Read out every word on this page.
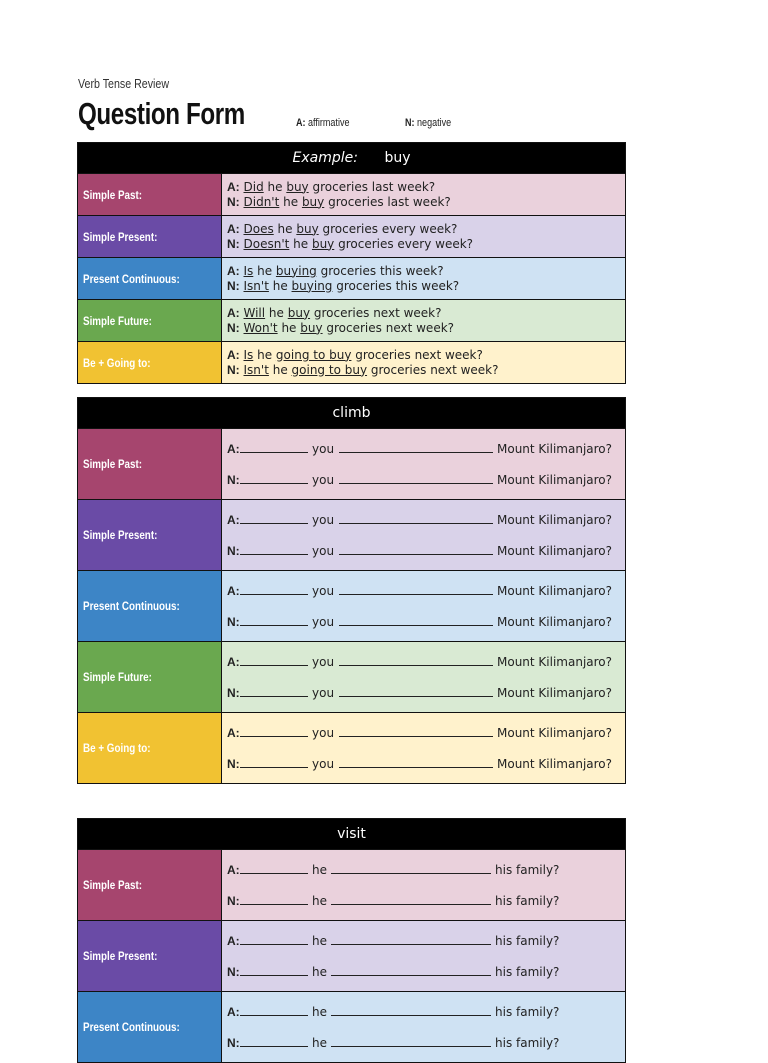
Verb Tense Review
Question Form	A: affirmative	N: negative
Example: buy
Simple Past:
A: Did he buy groceries last week?
N: Didn't he buy groceries last week?
Simple Present:
A: Does he buy groceries every week?
N: Doesn't he buy groceries every week?
Present Continuous:
A: Is he buying groceries this week?
N: Isn't he buying groceries this week?
Simple Future:
A: Will he buy groceries next week?
N: Won't he buy groceries next week?
Be + Going to:
A: Is he going to buy groceries next week?
N: Isn't he going to buy groceries next week?
climb
Simple Past:
A:	you	Mount Kilimanjaro?
N:	you	Mount Kilimanjaro?
Simple Present:
A:	you	Mount Kilimanjaro?
N:	you	Mount Kilimanjaro?
Present Continuous:
A:	you	Mount Kilimanjaro?
N:	you	Mount Kilimanjaro?
Simple Future:
A:	you	Mount Kilimanjaro?
N:	you	Mount Kilimanjaro?
Be + Going to:
A:	you	Mount Kilimanjaro?
N:	you	Mount Kilimanjaro?
visit
Simple Past:
A:	he	his family?
N:	he	his family?
Simple Present:
A:	he	his family?
N:	he	his family?
Present Continuous:
A:	he	his family?
N:	he	his family?
